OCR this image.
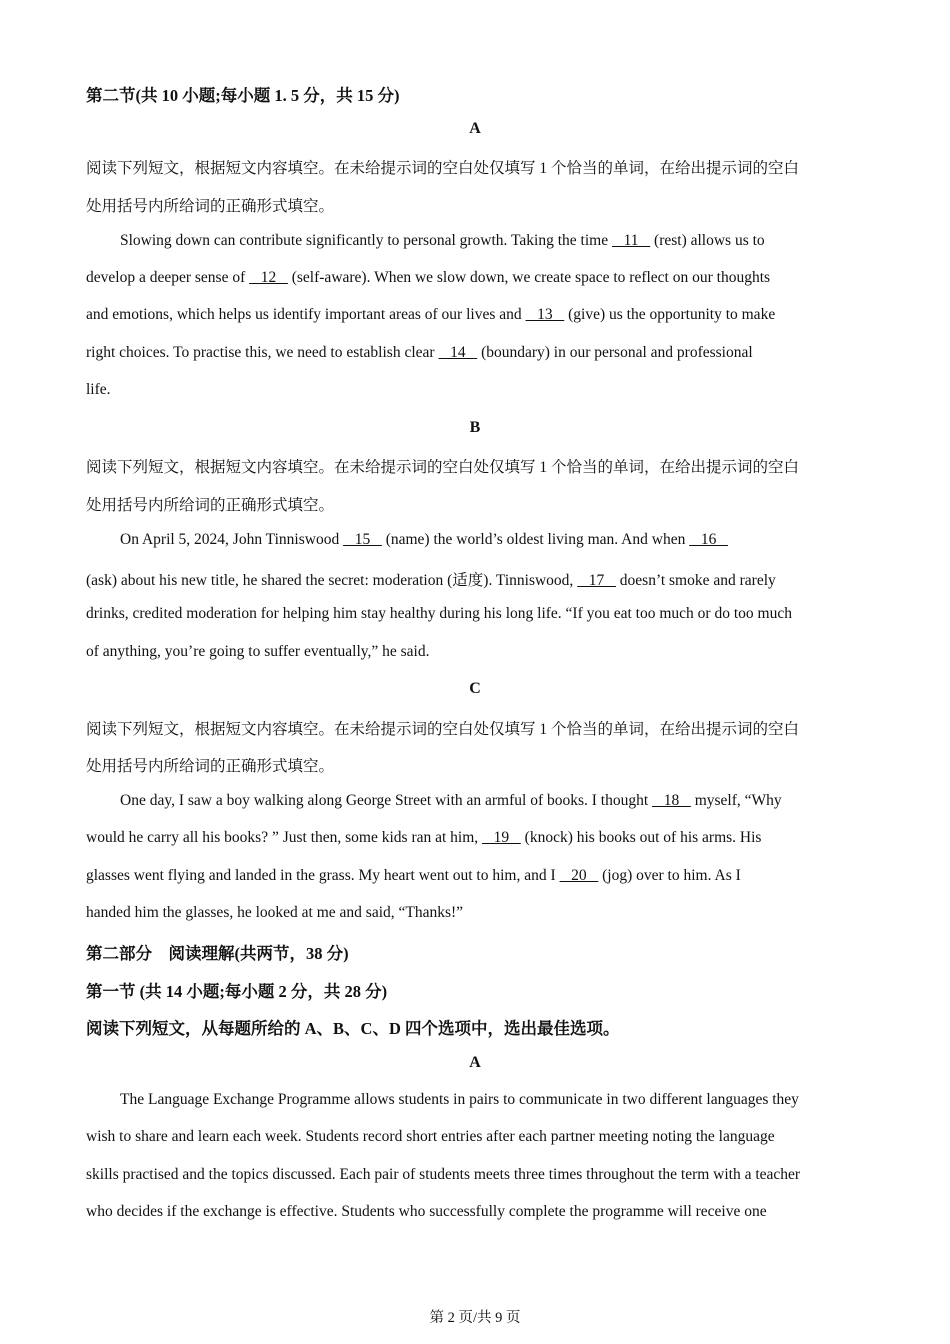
第二节(共 10 小题;每小题 1. 5 分，共 15 分)
A
阅读下列短文，根据短文内容填空。在未给提示词的空白处仅填写 1 个恰当的单词，在给出提示词的空白
处用括号内所给词的正确形式填空。
Slowing down can contribute significantly to personal growth. Taking the time    11    (rest) allows us to
develop a deeper sense of    12    (self-aware). When we slow down, we create space to reflect on our thoughts
and emotions, which helps us identify important areas of our lives and    13    (give) us the opportunity to make
right choices. To practise this, we need to establish clear    14    (boundary) in our personal and professional
life.
B
阅读下列短文，根据短文内容填空。在未给提示词的空白处仅填写 1 个恰当的单词，在给出提示词的空白
处用括号内所给词的正确形式填空。
On April 5, 2024, John Tinniswood    15    (name) the world’s oldest living man. And when    16
(ask) about his new title, he shared the secret: moderation (适度). Tinniswood,    17    doesn’t smoke and rarely
drinks, credited moderation for helping him stay healthy during his long life. “If you eat too much or do too much
of anything, you’re going to suffer eventually,” he said.
C
阅读下列短文，根据短文内容填空。在未给提示词的空白处仅填写 1 个恰当的单词，在给出提示词的空白
处用括号内所给词的正确形式填空。
One day, I saw a boy walking along George Street with an armful of books. I thought    18    myself, “Why
would he carry all his books? ” Just then, some kids ran at him,    19    (knock) his books out of his arms. His
glasses went flying and landed in the grass. My heart went out to him, and I    20    (jog) over to him. As I
handed him the glasses, he looked at me and said, “Thanks!”
第二部分　阅读理解(共两节，38 分)
第一节 (共 14 小题;每小题 2 分，共 28 分)
阅读下列短文，从每题所给的 A、B、C、D 四个选项中，选出最佳选项。
A
The Language Exchange Programme allows students in pairs to communicate in two different languages they
wish to share and learn each week. Students record short entries after each partner meeting noting the language
skills practised and the topics discussed. Each pair of students meets three times throughout the term with a teacher
who decides if the exchange is effective. Students who successfully complete the programme will receive one
第 2 页/共 9 页
